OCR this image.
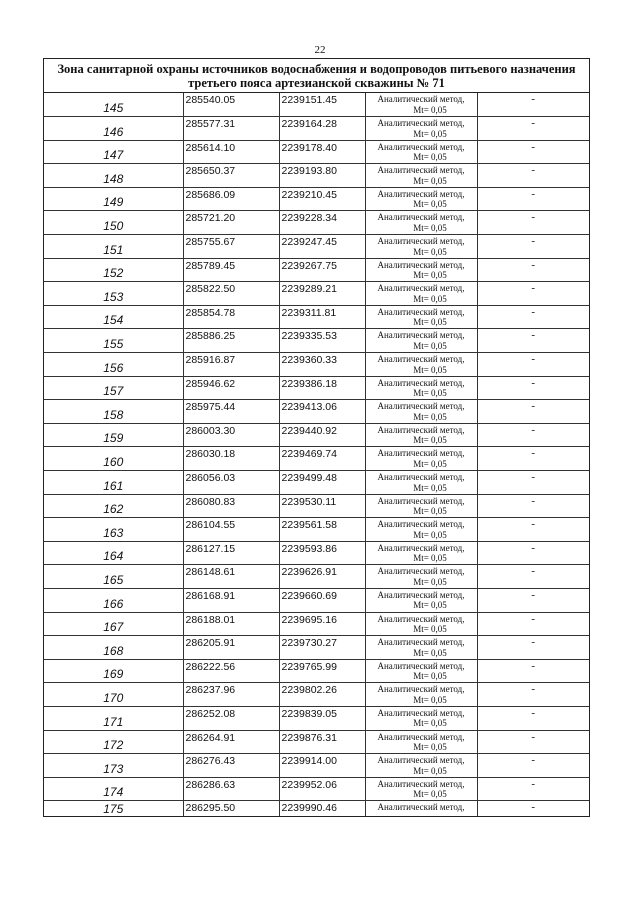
22
Зона санитарной охраны источников водоснабжения и водопроводов питьевого назначения
третьего пояса артезианской скважины № 71
145	285540.05	2239151.45	Аналитический метод,
Mt= 0,05	-
146	285577.31	2239164.28	Аналитический метод,
Mt= 0,05	-
147	285614.10	2239178.40	Аналитический метод,
Mt= 0,05	-
148	285650.37	2239193.80	Аналитический метод,
Mt= 0,05	-
149	285686.09	2239210.45	Аналитический метод,
Mt= 0,05	-
150	285721.20	2239228.34	Аналитический метод,
Mt= 0,05	-
151	285755.67	2239247.45	Аналитический метод,
Mt= 0,05	-
152	285789.45	2239267.75	Аналитический метод,
Mt= 0,05	-
153	285822.50	2239289.21	Аналитический метод,
Mt= 0,05	-
154	285854.78	2239311.81	Аналитический метод,
Mt= 0,05	-
155	285886.25	2239335.53	Аналитический метод,
Mt= 0,05	-
156	285916.87	2239360.33	Аналитический метод,
Mt= 0,05	-
157	285946.62	2239386.18	Аналитический метод,
Mt= 0,05	-
158	285975.44	2239413.06	Аналитический метод,
Mt= 0,05	-
159	286003.30	2239440.92	Аналитический метод,
Mt= 0,05	-
160	286030.18	2239469.74	Аналитический метод,
Mt= 0,05	-
161	286056.03	2239499.48	Аналитический метод,
Mt= 0,05	-
162	286080.83	2239530.11	Аналитический метод,
Mt= 0,05	-
163	286104.55	2239561.58	Аналитический метод,
Mt= 0,05	-
164	286127.15	2239593.86	Аналитический метод,
Mt= 0,05	-
165	286148.61	2239626.91	Аналитический метод,
Mt= 0,05	-
166	286168.91	2239660.69	Аналитический метод,
Mt= 0,05	-
167	286188.01	2239695.16	Аналитический метод,
Mt= 0,05	-
168	286205.91	2239730.27	Аналитический метод,
Mt= 0,05	-
169	286222.56	2239765.99	Аналитический метод,
Mt= 0,05	-
170	286237.96	2239802.26	Аналитический метод,
Mt= 0,05	-
171	286252.08	2239839.05	Аналитический метод,
Mt= 0,05	-
172	286264.91	2239876.31	Аналитический метод,
Mt= 0,05	-
173	286276.43	2239914.00	Аналитический метод,
Mt= 0,05	-
174	286286.63	2239952.06	Аналитический метод,
Mt= 0,05	-
175	286295.50	2239990.46	Аналитический метод,	-
